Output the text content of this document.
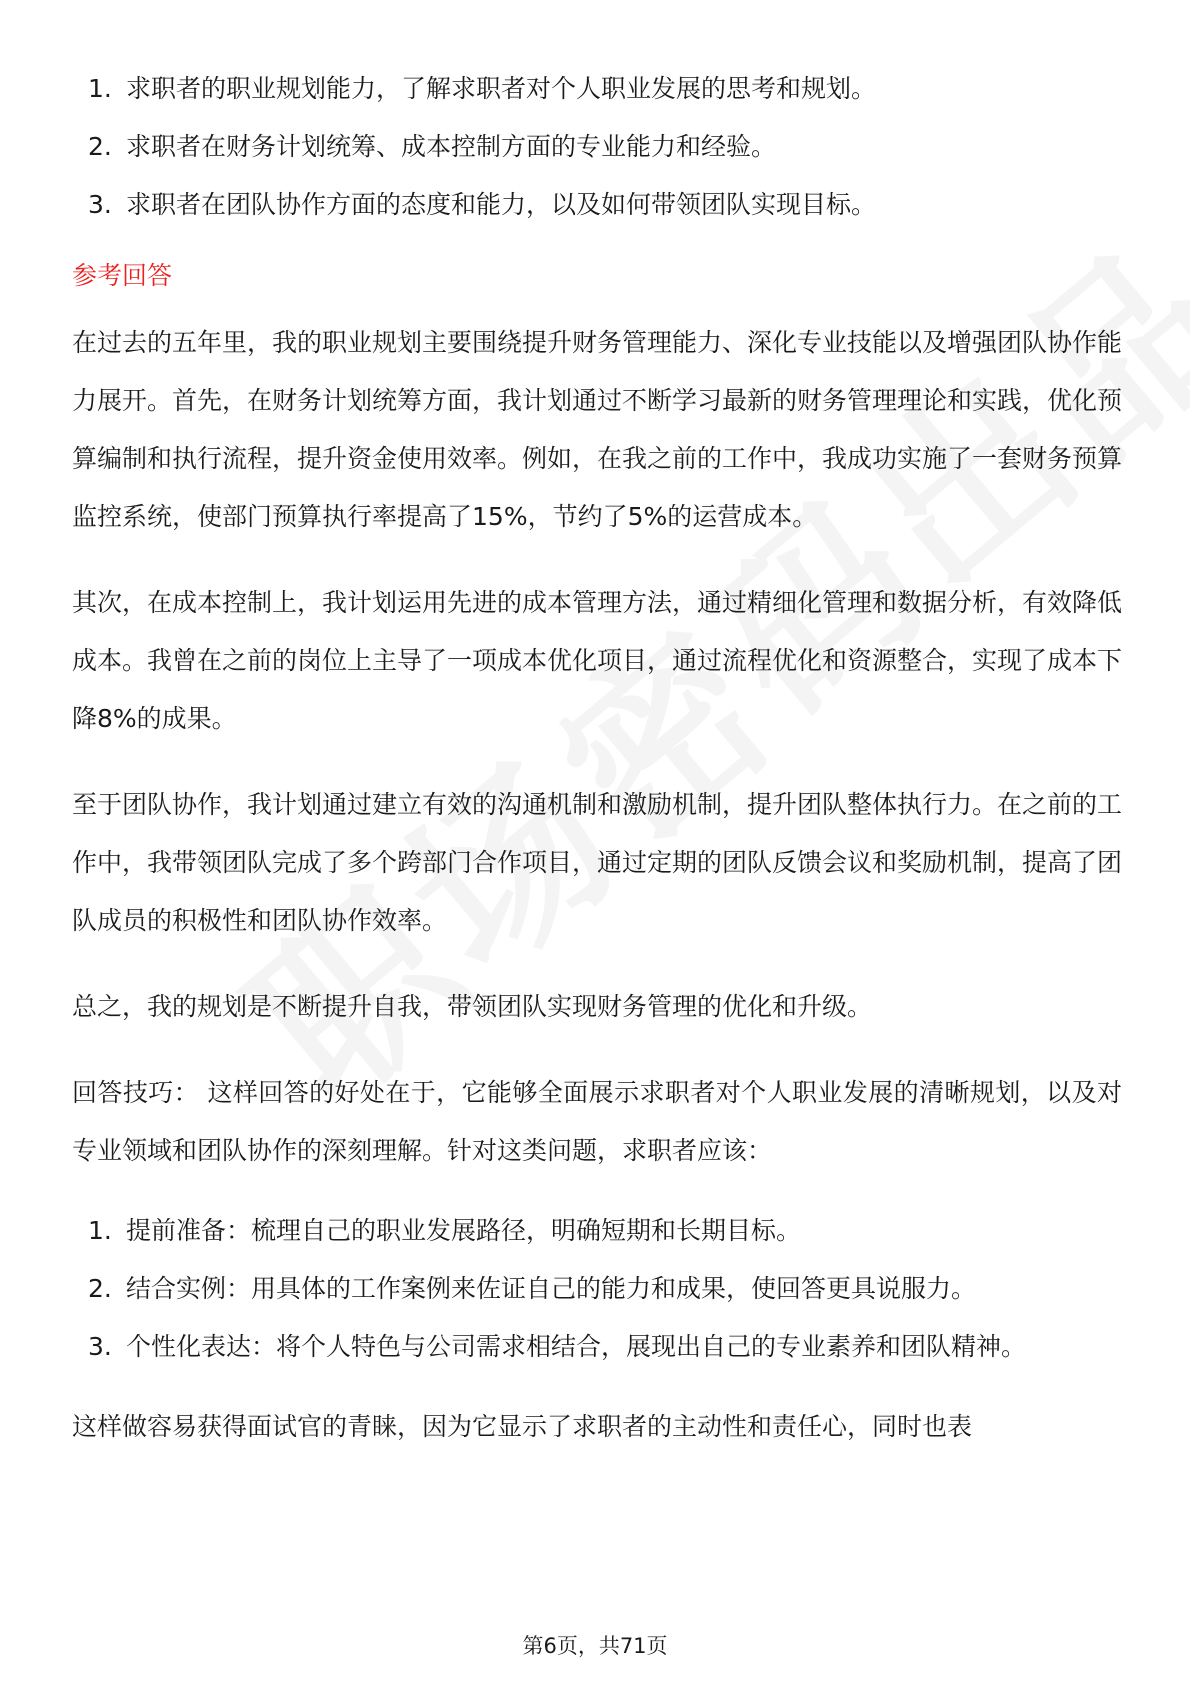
1. 求职者的职业规划能力，了解求职者对个人职业发展的思考和规划。
2. 求职者在财务计划统筹、成本控制方面的专业能力和经验。
3. 求职者在团队协作方面的态度和能力，以及如何带领团队实现目标。
参考回答

在过去的五年里，我的职业规划主要围绕提升财务管理能力、深化专业技能以及增强团队协作能力展开。首先，在财务计划统筹方面，我计划通过不断学习最新的财务管理理论和实践，优化预算编制和执行流程，提升资金使用效率。例如，在我之前的工作中，我成功实施了一套财务预算监控系统，使部门预算执行率提高了15%，节约了5%的运营成本。

其次，在成本控制上，我计划运用先进的成本管理方法，通过精细化管理和数据分析，有效降低成本。我曾在之前的岗位上主导了一项成本优化项目，通过流程优化和资源整合，实现了成本下降8%的成果。

至于团队协作，我计划通过建立有效的沟通机制和激励机制，提升团队整体执行力。在之前的工作中，我带领团队完成了多个跨部门合作项目，通过定期的团队反馈会议和奖励机制，提高了团队成员的积极性和团队协作效率。

总之，我的规划是不断提升自我，带领团队实现财务管理的优化和升级。

回答技巧： 这样回答的好处在于，它能够全面展示求职者对个人职业发展的清晰规划，以及对专业领域和团队协作的深刻理解。针对这类问题，求职者应该：

1. 提前准备：梳理自己的职业发展路径，明确短期和长期目标。
2. 结合实例：用具体的工作案例来佐证自己的能力和成果，使回答更具说服力。
3. 个性化表达：将个人特色与公司需求相结合，展现出自己的专业素养和团队精神。

这样做容易获得面试官的青睐，因为它显示了求职者的主动性和责任心，同时也表

第6页，共71页
